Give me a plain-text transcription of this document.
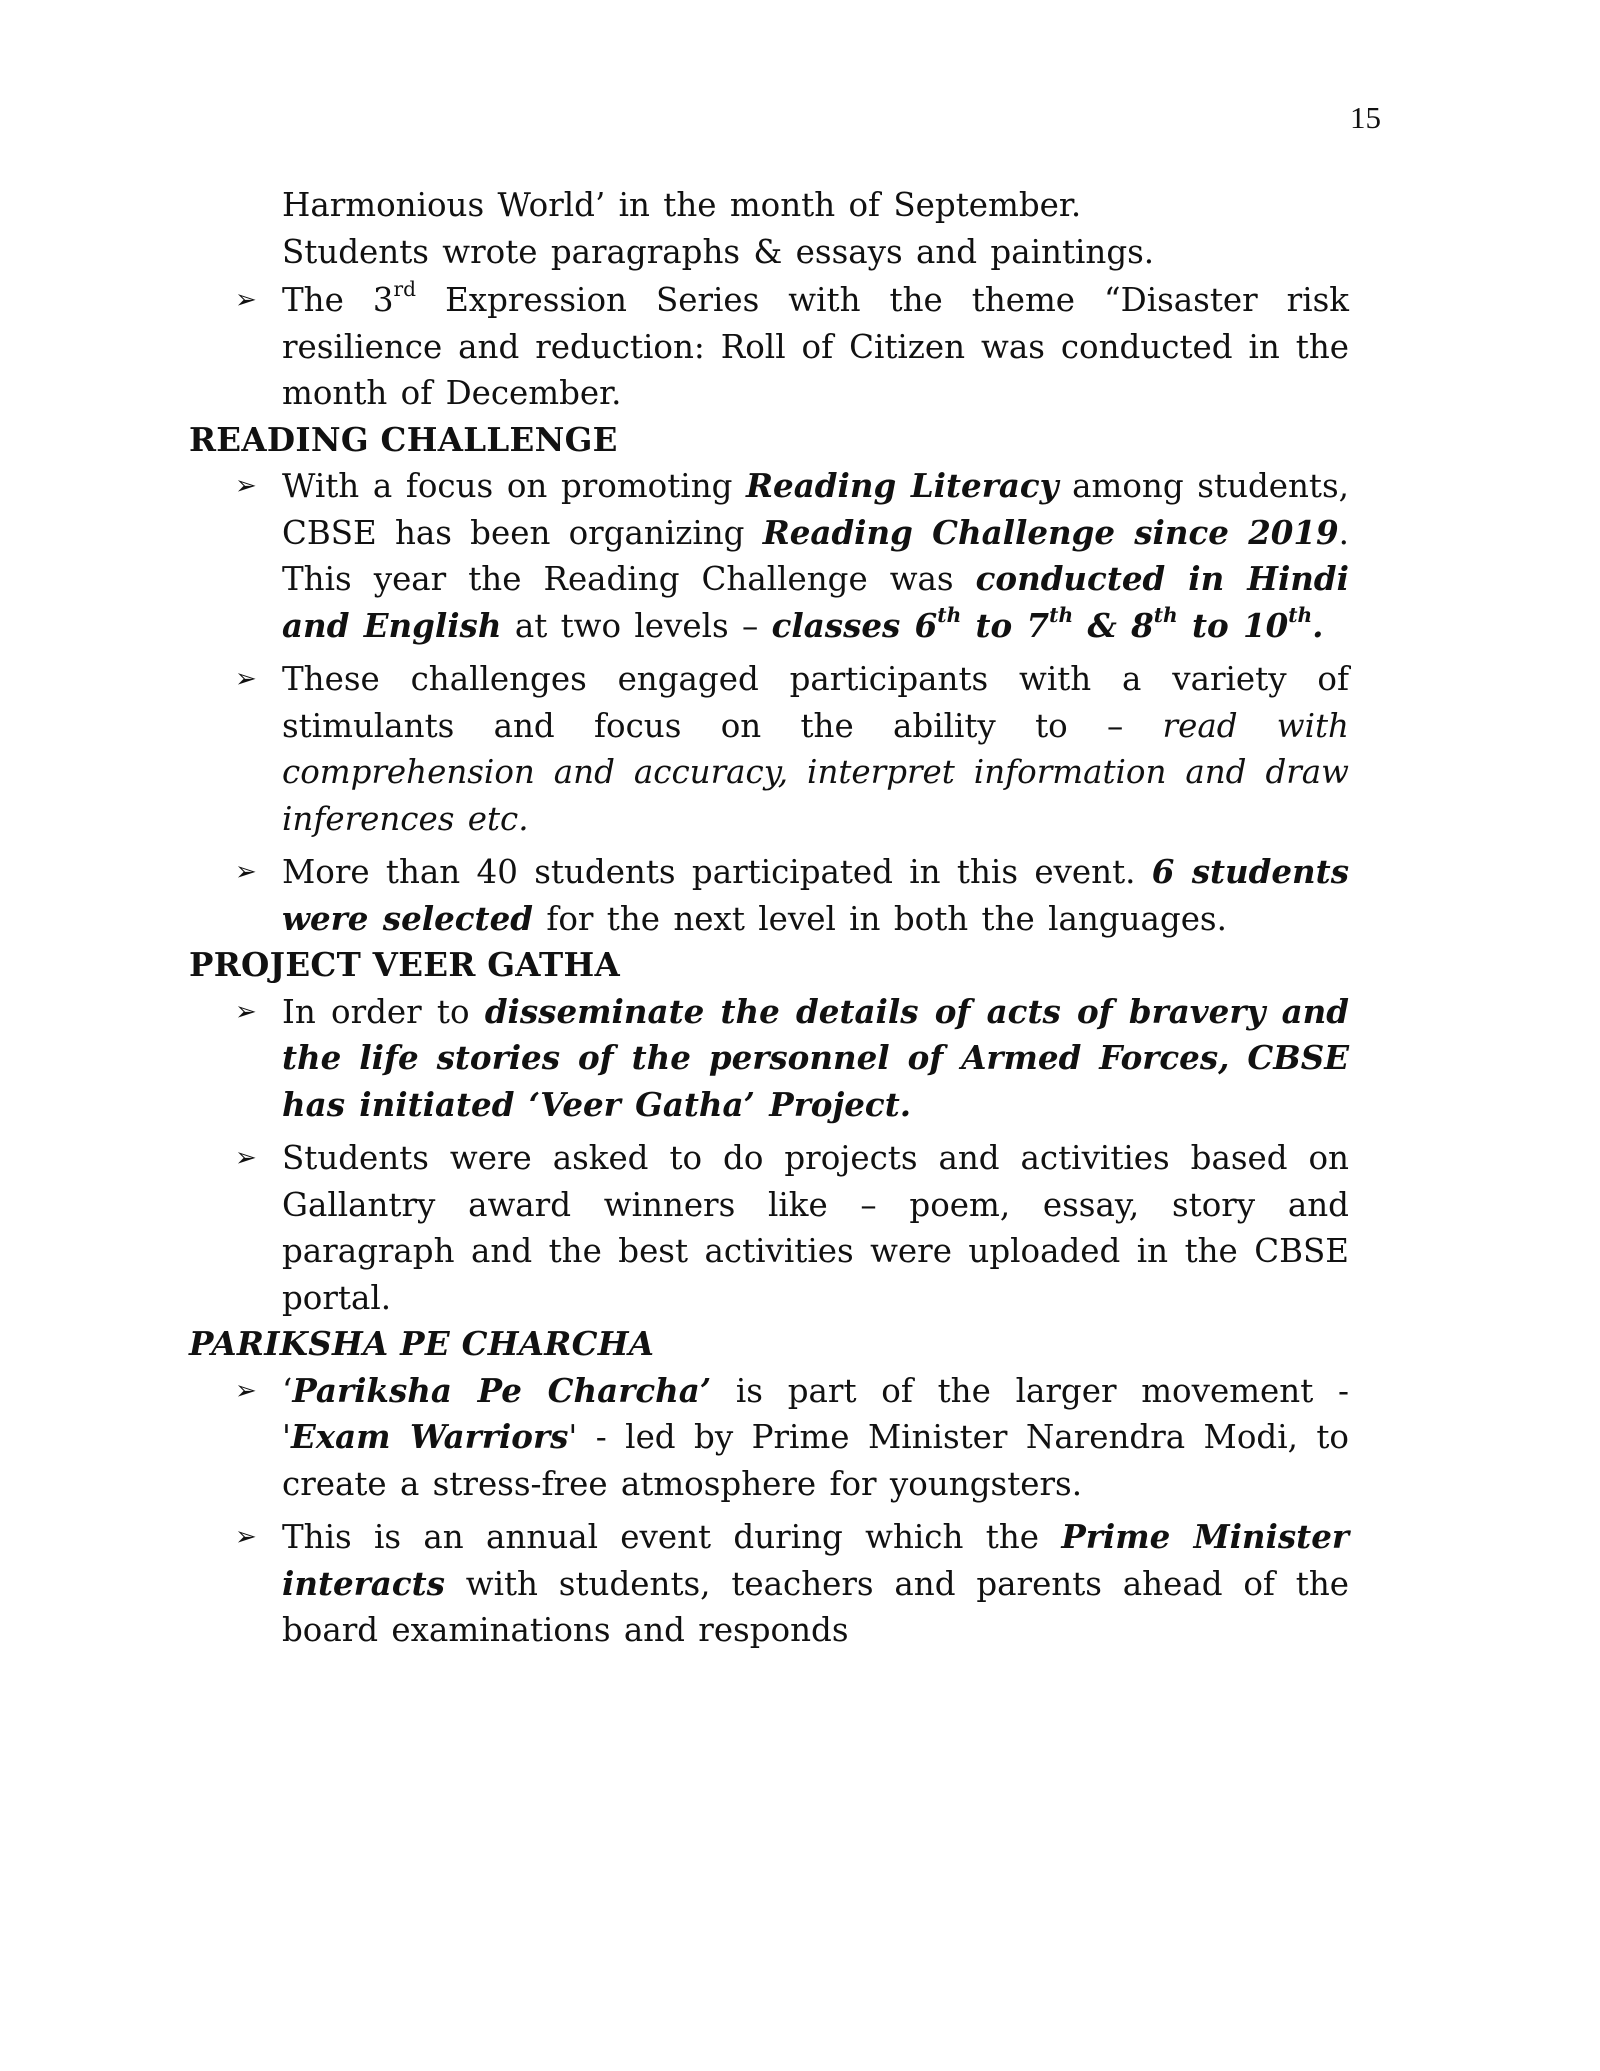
15

Harmonious World’ in the month of September.
Students wrote paragraphs & essays and paintings.

➢ The 3rd Expression Series with the theme “Disaster risk resilience and reduction: Roll of Citizen was conducted in the month of December.

READING CHALLENGE

➢ With a focus on promoting Reading Literacy among students, CBSE has been organizing Reading Challenge since 2019. This year the Reading Challenge was conducted in Hindi and English at two levels – classes 6th to 7th & 8th to 10th.

➢ These challenges engaged participants with a variety of stimulants and focus on the ability to – read with comprehension and accuracy, interpret information and draw inferences etc.

➢ More than 40 students participated in this event. 6 students were selected for the next level in both the languages.

PROJECT VEER GATHA

➢ In order to disseminate the details of acts of bravery and the life stories of the personnel of Armed Forces, CBSE has initiated ‘Veer Gatha’ Project.

➢ Students were asked to do projects and activities based on Gallantry award winners like – poem, essay, story and paragraph and the best activities were uploaded in the CBSE portal.

PARIKSHA PE CHARCHA

➢ ‘Pariksha Pe Charcha’ is part of the larger movement - 'Exam Warriors' - led by Prime Minister Narendra Modi, to create a stress-free atmosphere for youngsters.

➢ This is an annual event during which the Prime Minister interacts with students, teachers and parents ahead of the board examinations and responds
